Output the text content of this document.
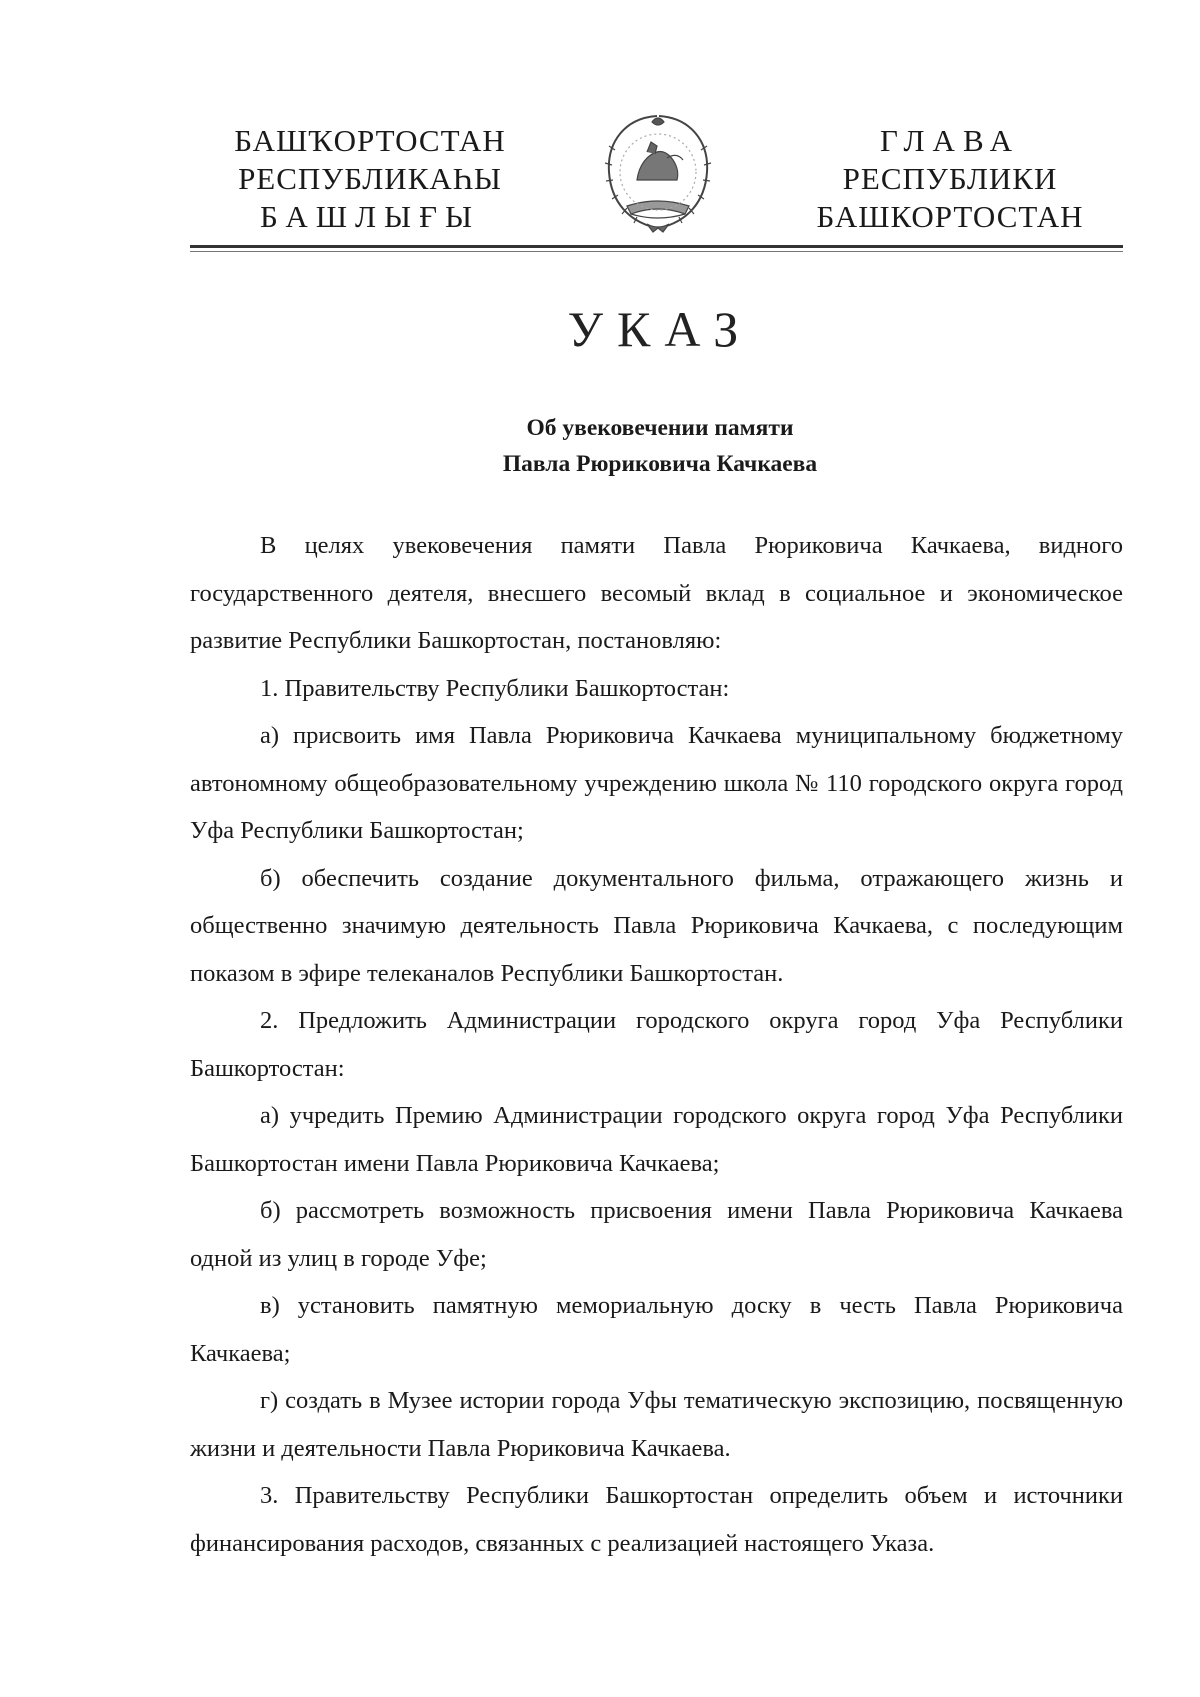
БАШҠОРТОСТАН
РЕСПУБЛИКАҺЫ
БАШЛЫҒЫ
ГЛАВА
РЕСПУБЛИКИ
БАШКОРТОСТАН
УКАЗ
Об увековечении памяти
Павла Рюриковича Качкаева

В целях увековечения памяти Павла Рюриковича Качкаева, видного государственного деятеля, внесшего весомый вклад в социальное и экономическое развитие Республики Башкортостан, постановляю:

1. Правительству Республики Башкортостан:

а) присвоить имя Павла Рюриковича Качкаева муниципальному бюджетному автономному общеобразовательному учреждению школа № 110 городского округа город Уфа Республики Башкортостан;

б) обеспечить создание документального фильма, отражающего жизнь и общественно значимую деятельность Павла Рюриковича Качкаева, с последующим показом в эфире телеканалов Республики Башкортостан.

2. Предложить Администрации городского округа город Уфа Республики Башкортостан:

а) учредить Премию Администрации городского округа город Уфа Республики Башкортостан имени Павла Рюриковича Качкаева;

б) рассмотреть возможность присвоения имени Павла Рюриковича Качкаева одной из улиц в городе Уфе;

в) установить памятную мемориальную доску в честь Павла Рюриковича Качкаева;

г) создать в Музее истории города Уфы тематическую экспозицию, посвященную жизни и деятельности Павла Рюриковича Качкаева.

3. Правительству Республики Башкортостан определить объем и источники финансирования расходов, связанных с реализацией настоящего Указа.
